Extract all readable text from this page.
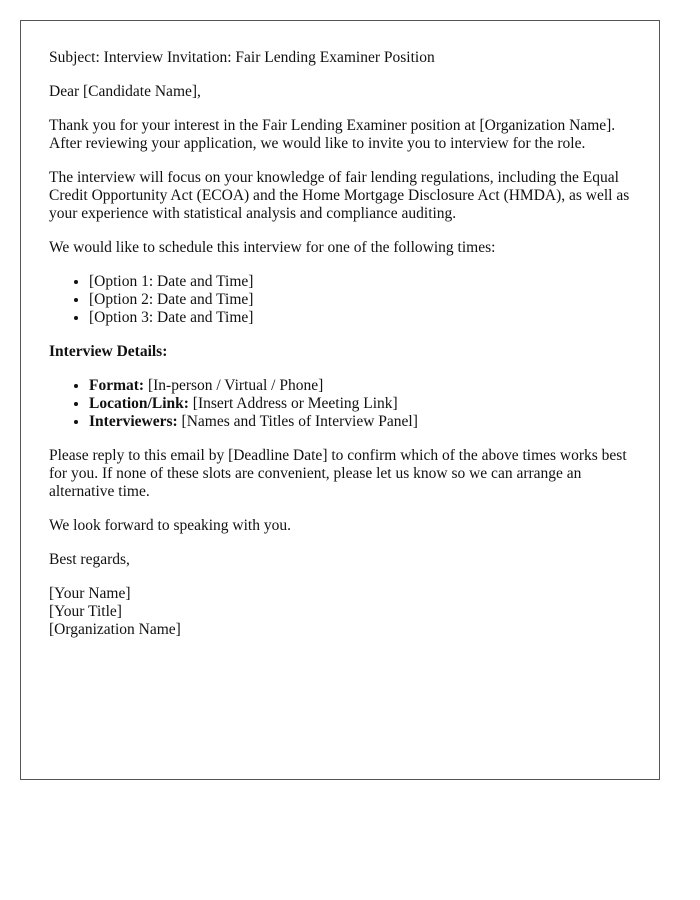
Subject: Interview Invitation: Fair Lending Examiner Position

Dear [Candidate Name],

Thank you for your interest in the Fair Lending Examiner position at [Organization Name]. After reviewing your application, we would like to invite you to interview for the role.

The interview will focus on your knowledge of fair lending regulations, including the Equal Credit Opportunity Act (ECOA) and the Home Mortgage Disclosure Act (HMDA), as well as your experience with statistical analysis and compliance auditing.

We would like to schedule this interview for one of the following times:

• [Option 1: Date and Time]
• [Option 2: Date and Time]
• [Option 3: Date and Time]

Interview Details:

• Format: [In-person / Virtual / Phone]
• Location/Link: [Insert Address or Meeting Link]
• Interviewers: [Names and Titles of Interview Panel]

Please reply to this email by [Deadline Date] to confirm which of the above times works best for you. If none of these slots are convenient, please let us know so we can arrange an alternative time.

We look forward to speaking with you.

Best regards,

[Your Name]
[Your Title]
[Organization Name]
